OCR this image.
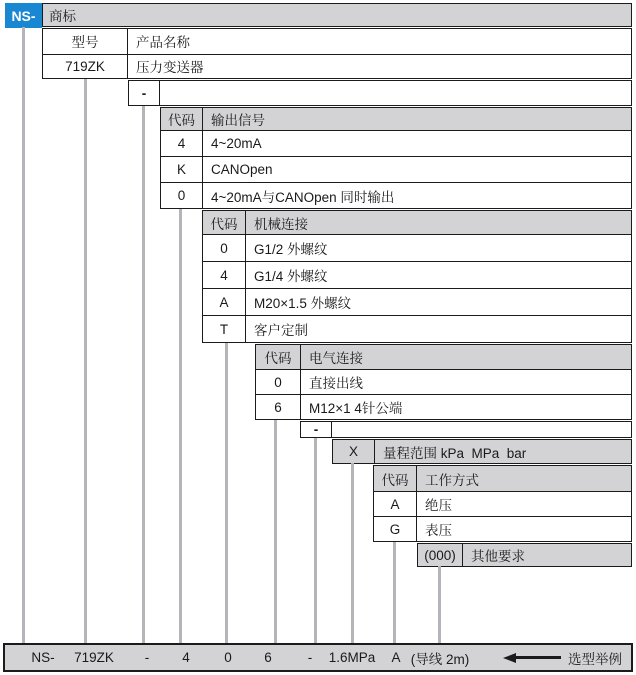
NS- 商标
型号	产品名称
719ZK	压力变送器
-
代码	输出信号
4	4~20mA
K	CANOpen
0	4~20mA与CANOpen 同时输出
代码	机械连接
0	G1/2 外螺纹
4	G1/4 外螺纹
A	M20×1.5 外螺纹
T	客户定制
代码	电气连接
0	直接出线
6	M12×1 4针公端
-
X	量程范围 kPa  MPa  bar
代码	工作方式
A	绝压
G	表压
(000)	其他要求
NS- 719ZK - 4	0 6	- 1.6MPa A (导线 2m)	选型举例
